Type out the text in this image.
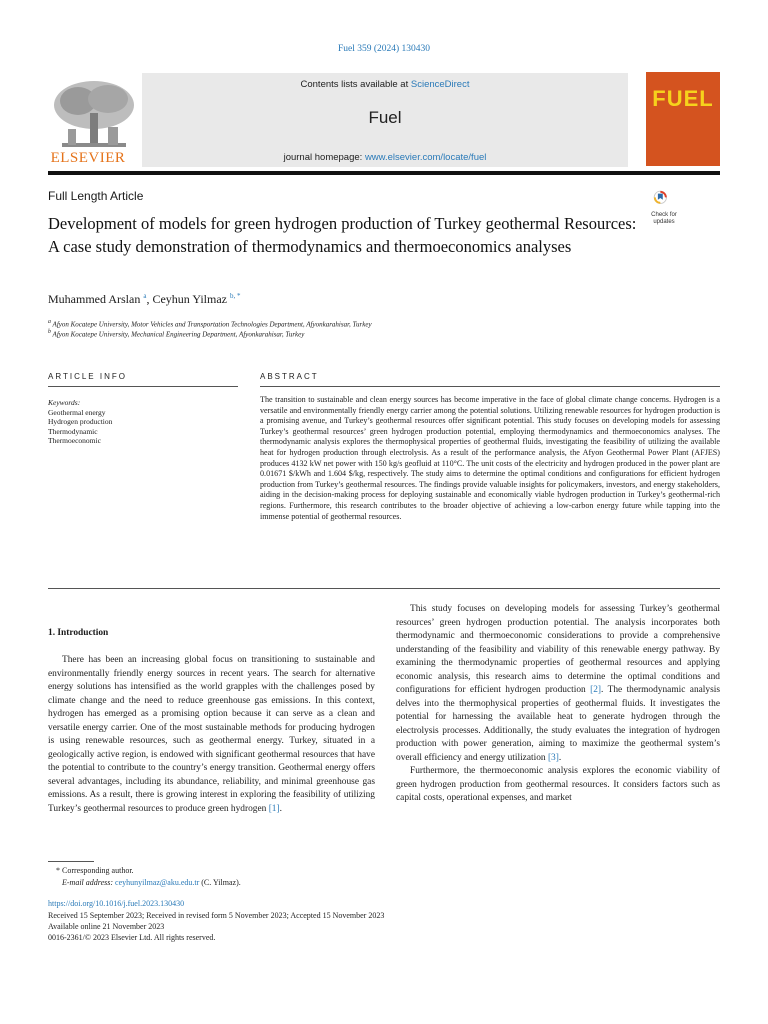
Fuel 359 (2024) 130430
ELSEVIER
Contents lists available at ScienceDirect
Fuel
journal homepage: www.elsevier.com/locate/fuel
FUEL
Full Length Article
Development of models for green hydrogen production of Turkey geothermal Resources: A case study demonstration of thermodynamics and thermoeconomics analyses
Check for updates
Muhammed Arslan $^a$, Ceyhun Yilmaz $^{b, *}$
$^a$ Afyon Kocatepe University, Motor Vehicles and Transportation Technologies Department, Afyonkarahisar, Turkey
$^b$ Afyon Kocatepe University, Mechanical Engineering Department, Afyonkarahisar, Turkey
ARTICLE INFO	ABSTRACT
Keywords:
Geothermal energy
Hydrogen production
Thermodynamic
Thermoeconomic
The transition to sustainable and clean energy sources has become imperative in the face of global climate change concerns. Hydrogen is a versatile and environmentally friendly energy carrier among the potential solutions. Utilizing renewable resources for hydrogen production is a promising avenue, and Turkey’s geothermal resources offer significant potential. This study focuses on developing models for assessing Turkey’s geothermal resources’ green hydrogen production potential, employing thermodynamics and thermoeconomics analyses. The thermodynamic analysis explores the thermophysical properties of geothermal fluids, investigating the feasibility of utilizing the available heat for hydrogen production through electrolysis. As a result of the performance analysis, the Afyon Geothermal Power Plant (AFJES) produces 4132 kW net power with 150 kg/s geofluid at 110°C. The unit costs of the electricity and hydrogen produced in the power plant are 0.01671 $/kWh and 1.604 $/kg, respectively. The study aims to determine the optimal conditions and configurations for efficient hydrogen production from Turkey’s geothermal resources. The findings provide valuable insights for policymakers, investors, and energy stakeholders, aiding in the decision-making process for deploying sustainable and economically viable hydrogen production in Turkey’s geothermal-rich regions. Furthermore, this research contributes to the broader objective of achieving a low-carbon energy future while tapping into the immense potential of geothermal resources.
1. Introduction

There has been an increasing global focus on transitioning to sustainable and environmentally friendly energy sources in recent years. The search for alternative energy solutions has intensified as the world grapples with the challenges posed by climate change and the need to reduce greenhouse gas emissions. In this context, hydrogen has emerged as a promising option because it can serve as a clean and versatile energy carrier. One of the most sustainable methods for producing hydrogen is using renewable resources, such as geothermal energy. Turkey, situated in a geologically active region, is endowed with significant geothermal resources that have the potential to contribute to the country’s energy transition. Geothermal energy offers several advantages, including its abundance, reliability, and minimal greenhouse gas emissions. As a result, there is growing interest in exploring the feasibility of utilizing Turkey’s geothermal resources to produce green hydrogen [1].

This study focuses on developing models for assessing Turkey’s geothermal resources’ green hydrogen production potential. The analysis incorporates both thermodynamic and thermoeconomic considerations to provide a comprehensive understanding of the feasibility and viability of this renewable energy pathway. By examining the thermodynamic properties of geothermal resources and applying economic analysis, this research aims to determine the optimal conditions and configurations for efficient hydrogen production [2]. The thermodynamic analysis delves into the thermophysical properties of geothermal fluids. It investigates the potential for harnessing the available heat to generate hydrogen through the electrolysis processes. Additionally, the study evaluates the integration of hydrogen production with power generation, aiming to maximize the geothermal system’s overall efficiency and energy utilization [3].

Furthermore, the thermoeconomic analysis explores the economic viability of green hydrogen production from geothermal resources. It considers factors such as capital costs, operational expenses, and market

* Corresponding author.
E-mail address: ceyhunyilmaz@aku.edu.tr (C. Yilmaz).
https://doi.org/10.1016/j.fuel.2023.130430
Received 15 September 2023; Received in revised form 5 November 2023; Accepted 15 November 2023
Available online 21 November 2023
0016-2361/© 2023 Elsevier Ltd. All rights reserved.
